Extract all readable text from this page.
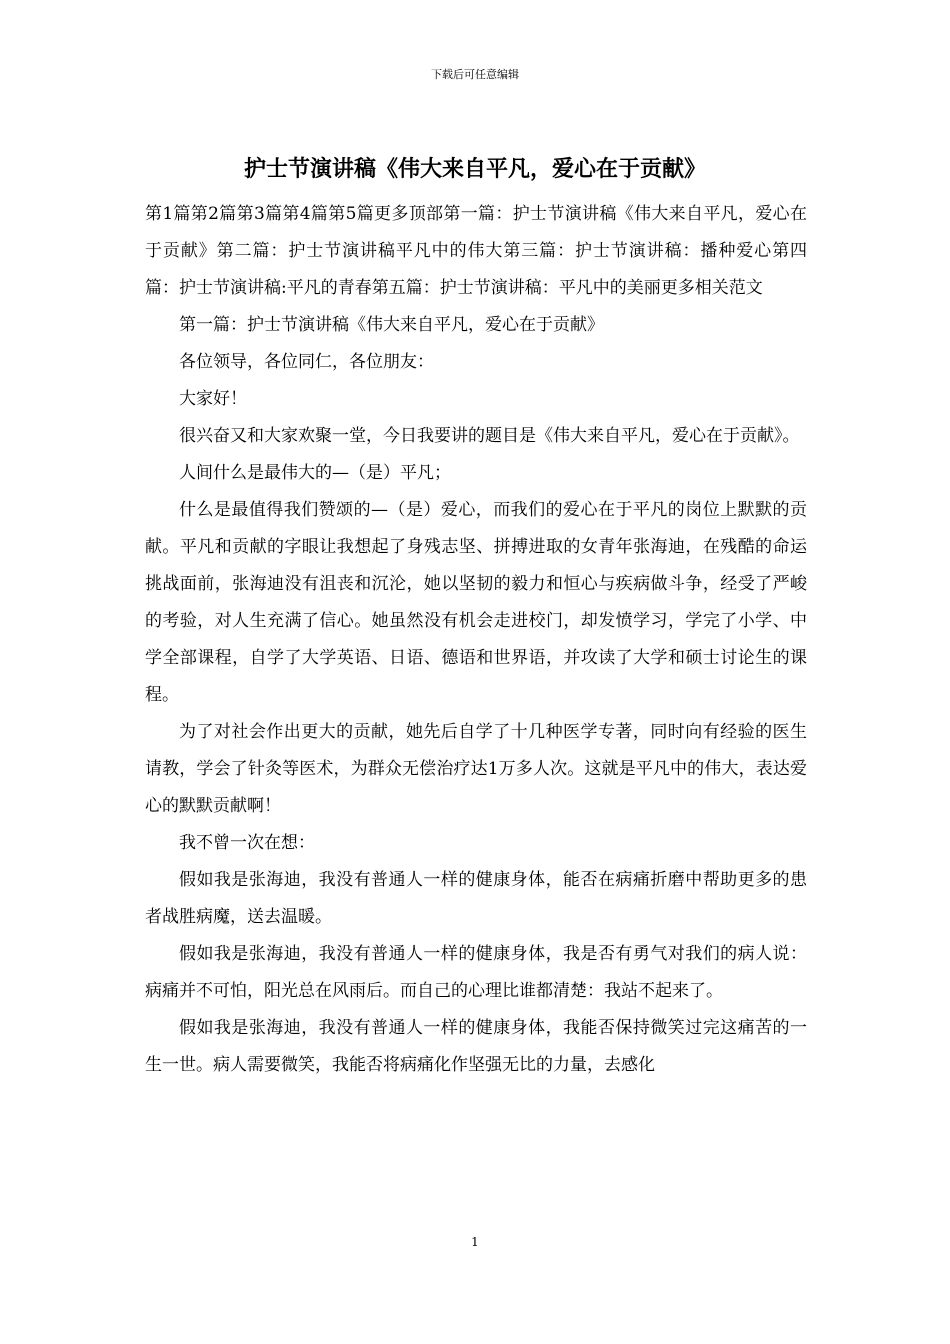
下载后可任意编辑
护士节演讲稿《伟大来自平凡，爱心在于贡献》

第1篇第2篇第3篇第4篇第5篇更多顶部第一篇：护士节演讲稿《伟大来自平凡，爱心在于贡献》第二篇：护士节演讲稿平凡中的伟大第三篇：护士节演讲稿：播种爱心第四篇：护士节演讲稿:平凡的青春第五篇：护士节演讲稿：平凡中的美丽更多相关范文

第一篇：护士节演讲稿《伟大来自平凡，爱心在于贡献》

各位领导，各位同仁，各位朋友：

大家好！

很兴奋又和大家欢聚一堂，今日我要讲的题目是《伟大来自平凡，爱心在于贡献》。

人间什么是最伟大的—（是）平凡；

什么是最值得我们赞颂的—（是）爱心，而我们的爱心在于平凡的岗位上默默的贡献。平凡和贡献的字眼让我想起了身残志坚、拼搏进取的女青年张海迪，在残酷的命运挑战面前，张海迪没有沮丧和沉沦，她以坚韧的毅力和恒心与疾病做斗争，经受了严峻的考验，对人生充满了信心。她虽然没有机会走进校门，却发愤学习，学完了小学、中学全部课程，自学了大学英语、日语、德语和世界语，并攻读了大学和硕士讨论生的课程。

为了对社会作出更大的贡献，她先后自学了十几种医学专著，同时向有经验的医生请教，学会了针灸等医术，为群众无偿治疗达1万多人次。这就是平凡中的伟大，表达爱心的默默贡献啊！

我不曾一次在想：

假如我是张海迪，我没有普通人一样的健康身体，能否在病痛折磨中帮助更多的患者战胜病魔，送去温暖。

假如我是张海迪，我没有普通人一样的健康身体，我是否有勇气对我们的病人说：病痛并不可怕，阳光总在风雨后。而自己的心理比谁都清楚：我站不起来了。

假如我是张海迪，我没有普通人一样的健康身体，我能否保持微笑过完这痛苦的一生一世。病人需要微笑，我能否将病痛化作坚强无比的力量，去感化

1
